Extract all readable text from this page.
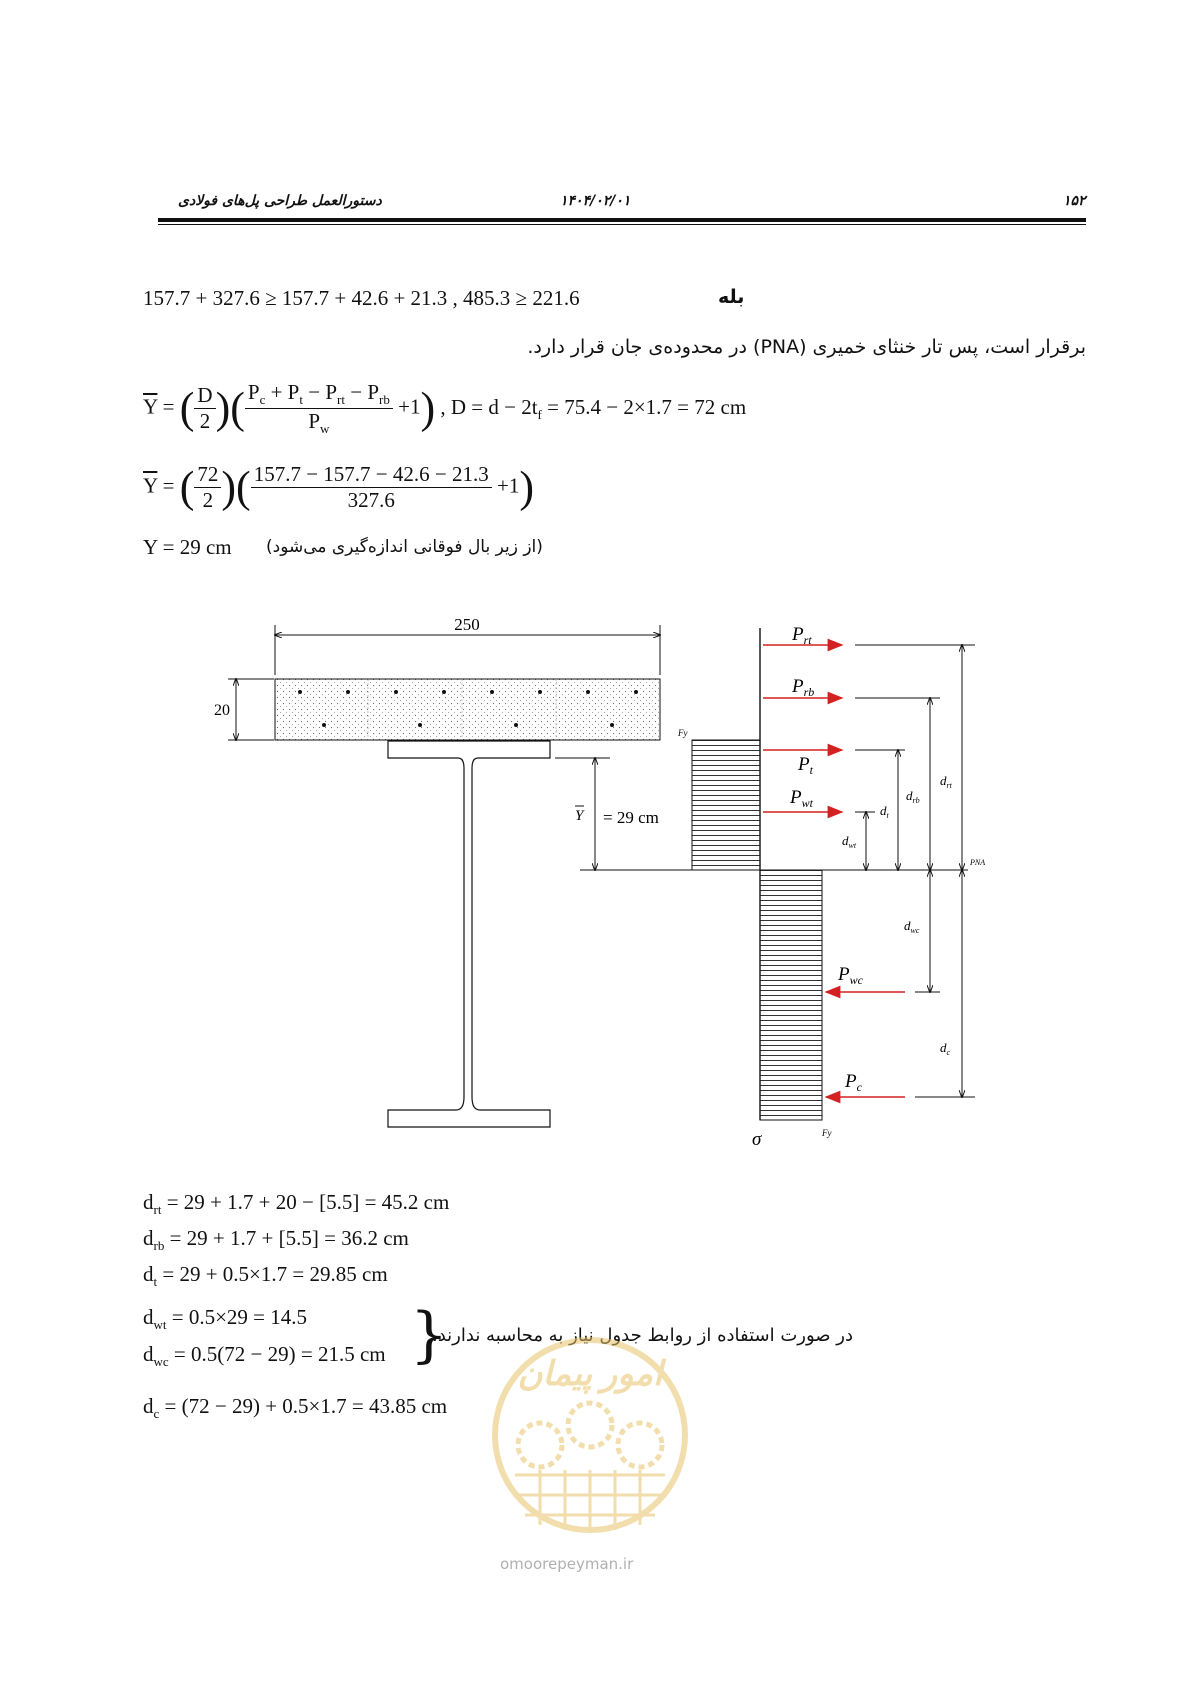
۱۵۲
۱۴۰۴/۰۲/۰۱
دستورالعمل طراحی پل‌های فولادی
157.7 + 327.6 ≥ 157.7 + 42.6 + 21.3 , 485.3 ≥ 221.6	بله
برقرار است، پس تار خنثای خمیری (PNA) در محدوده‌ی جان قرار دارد.
$\overline{Y}$ = ( $\frac{D}{2}$ )( $\frac{P_c + P_t - P_{rt} - P_{rb}}{P_w} +1$) , $D = d - 2t_f = 75.4 - 2\times 1.7 = 72$ cm
$\overline{Y}$ = ( $\frac{72}{2}$ )( $\frac{157.7 - 157.7 - 42.6 - 21.3}{327.6} +1$)
Y = 29 cm (از زیر بال فوقانی اندازه‌گیری می‌شود)
250
20
Y = 29 cm
PNA
σ
Fy
Fy
$P_{rt}$
$P_{rb}$
$P_t$
$P_{wt}$
$P_{wc}$
$P_c$
$d_{rt}$
$d_{rb}$
$d_t$
$d_{wt}$
$d_{wc}$
$d_c$
$d_{rt} = 29 + 1.7 + 20 - [5.5] = 45.2$ cm
$d_{rb} = 29 + 1.7 + [5.5] = 36.2$ cm
$d_t = 29 + 0.5\times 1.7 = 29.85$ cm
$d_{wt} = 0.5\times 29 = 14.5$
$d_{wc} = 0.5(72 - 29) = 21.5$ cm }
در صورت استفاده از روابط جدول نیاز به محاسبه ندارند.
$d_c = (72 - 29) + 0.5\times 1.7 = 43.85$ cm
امور پیمان
omoorepeyman.ir
